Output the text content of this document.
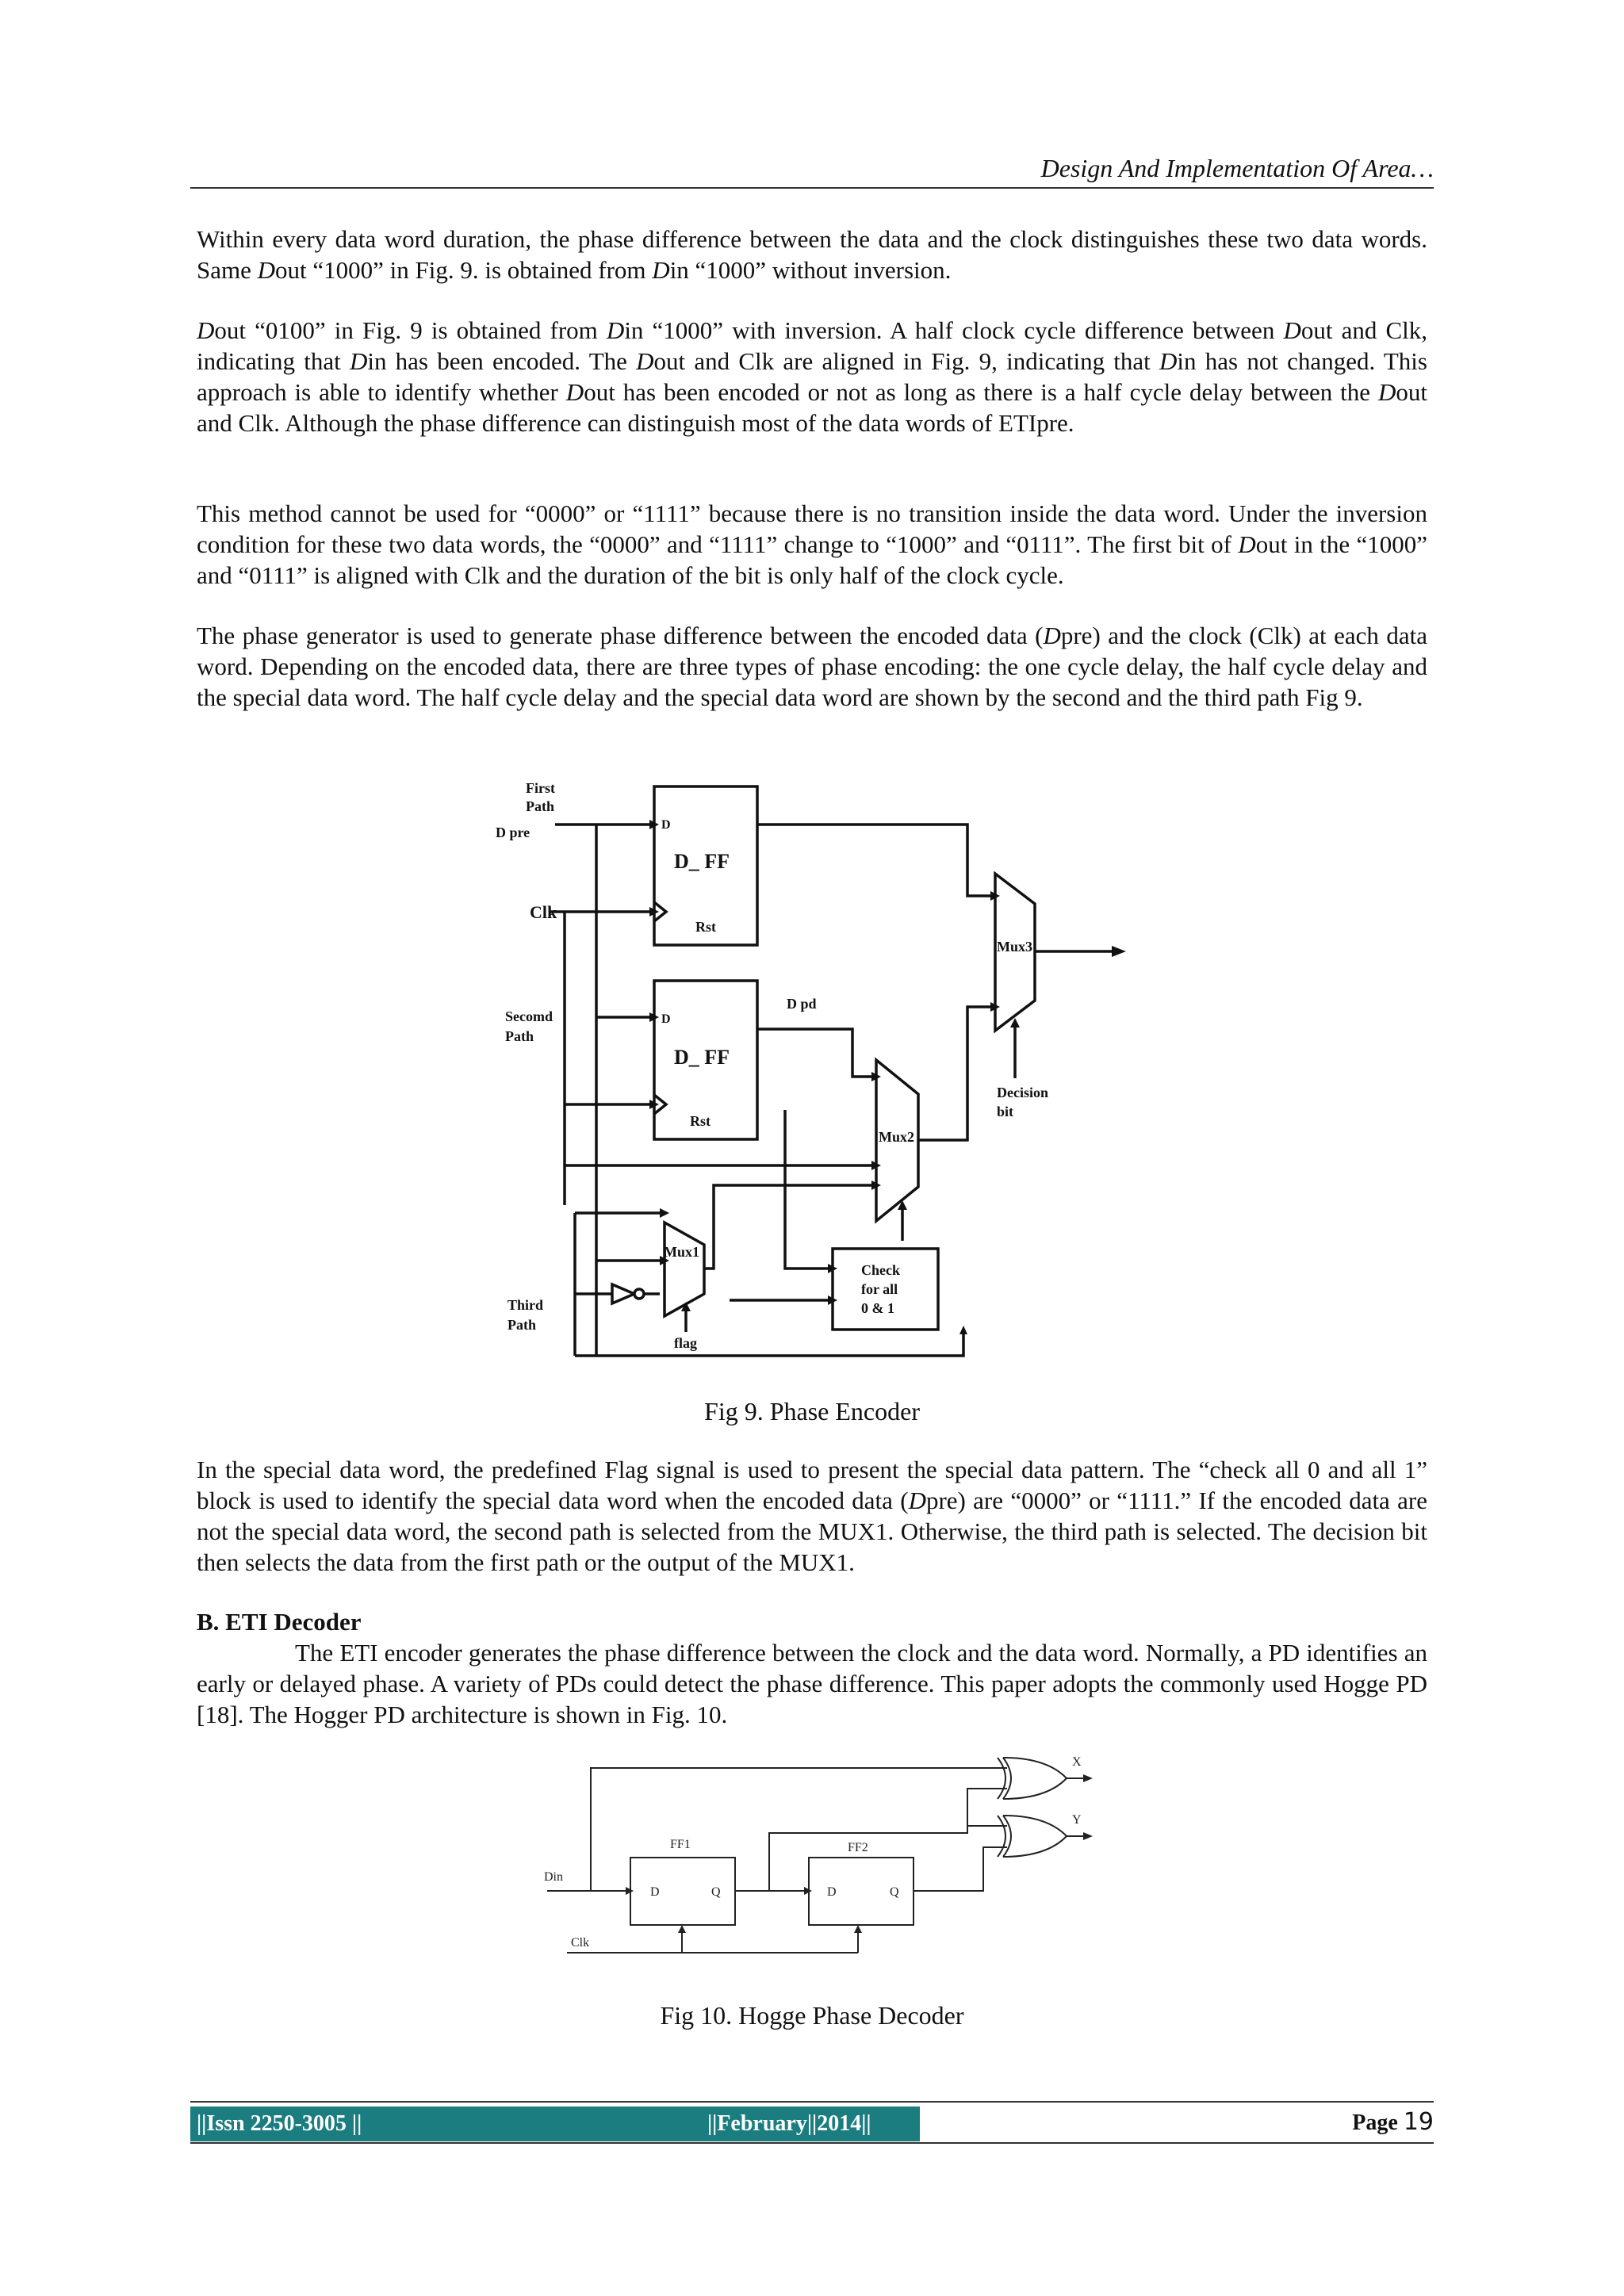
Design And Implementation Of Area…

Within every data word duration, the phase difference between the data and the clock distinguishes these two data words. Same Dout “1000” in Fig. 9. is obtained from Din “1000” without inversion.

Dout “0100” in Fig. 9 is obtained from Din “1000” with inversion. A half clock cycle difference between Dout and Clk, indicating that Din has been encoded. The Dout and Clk are aligned in Fig. 9, indicating that Din has not changed. This approach is able to identify whether Dout has been encoded or not as long as there is a half cycle delay between the Dout and Clk. Although the phase difference can distinguish most of the data words of ETIpre.

This method cannot be used for “0000” or “1111” because there is no transition inside the data word. Under the inversion condition for these two data words, the “0000” and “1111” change to “1000” and “0111”. The first bit of Dout in the “1000” and “0111” is aligned with Clk and the duration of the bit is only half of the clock cycle.

The phase generator is used to generate phase difference between the encoded data (Dpre) and the clock (Clk) at each data word. Depending on the encoded data, there are three types of phase encoding: the one cycle delay, the half cycle delay and the special data word. The half cycle delay and the special data word are shown by the second and the third path Fig 9.

First
Path
D pre
Clk
Secomd
Path
Third
Path
D
D_ FF
Rst
D
D_ FF
Rst
D pd
Mux1
Mux2
Mux3
Decision
bit
flag
Check
for all
0 & 1

Fig 9. Phase Encoder

In the special data word, the predefined Flag signal is used to present the special data pattern. The “check all 0 and all 1” block is used to identify the special data word when the encoded data (Dpre) are “0000” or “1111.” If the encoded data are not the special data word, the second path is selected from the MUX1. Otherwise, the third path is selected. The decision bit then selects the data from the first path or the output of the MUX1.

B. ETI Decoder

The ETI encoder generates the phase difference between the clock and the data word. Normally, a PD identifies an early or delayed phase. A variety of PDs could detect the phase difference. This paper adopts the commonly used Hogge PD [18]. The Hogger PD architecture is shown in Fig. 10.

X
Y
FF1	FF2
Din
Clk
D	Q	D	Q

Fig 10. Hogge Phase Decoder

||Issn 2250-3005 ||	||February||2014||	Page 19
